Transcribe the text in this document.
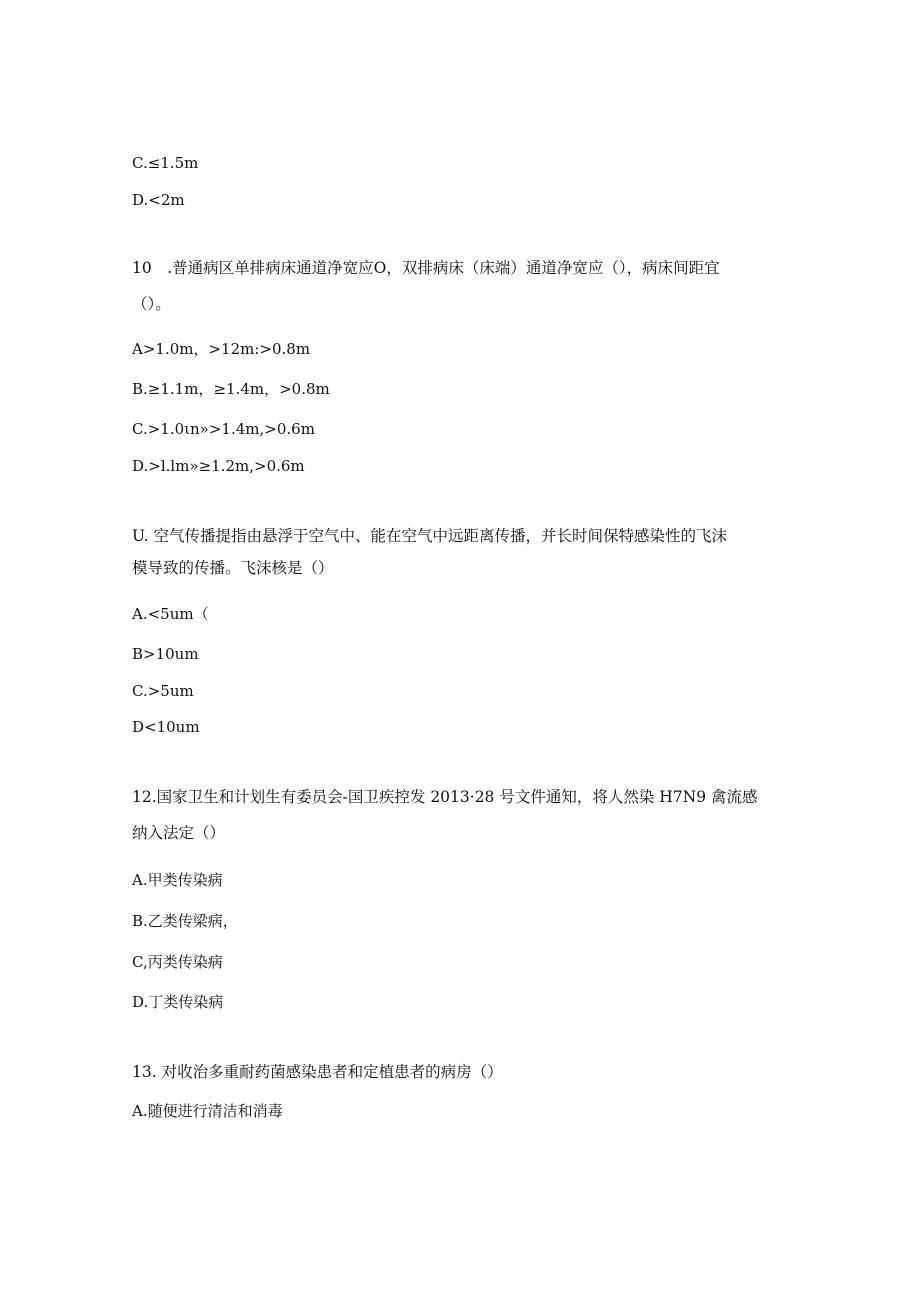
C.≤1.5m
D.<2m
10　.普通病区单排病床通道净宽应O，双排病床（床端）通道净宽应（），病床间距宜
（）。
A>1.0m，>12m:>0.8m
B.≥1.1m，≥1.4m，>0.8m
C.>1.0ιn»>1.4m,>0.6m
D.>l.lm»≥1.2m,>0.6m
U. 空气传播提指由悬浮于空气中、能在空气中远距离传播，并长时间保特感染性的飞沫
模导致的传播。飞沫核是（）
A.<5um（
B>10um
C.>5um
D<10um
12.国家卫生和计划生有委员会-国卫疾控发 2013·28 号文件通知，将人然染 H7N9 禽流感
纳入法定（）
A.甲类传染病
B.乙类传梁病，
C,丙类传染病
D.丁类传染病
13. 对收治多重耐药菌感染患者和定植患者的病房（）
A.随便进行清洁和消毒
